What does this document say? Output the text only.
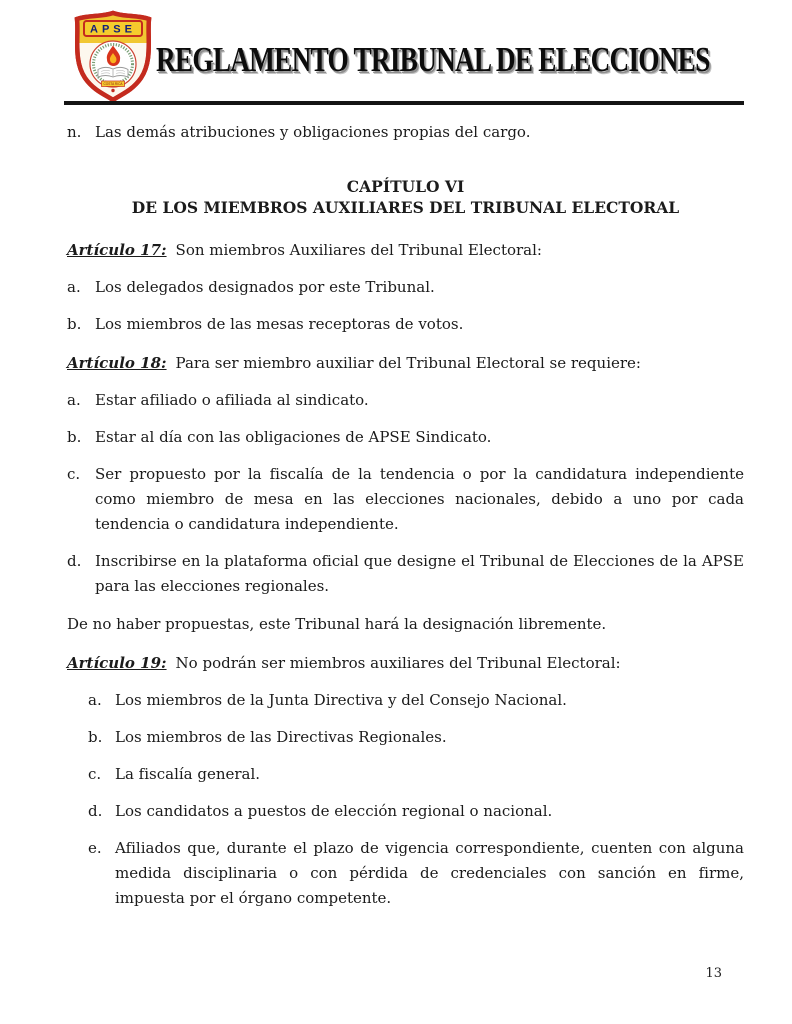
APSE
COSTA RICA
REGLAMENTO TRIBUNAL DE ELECCIONES
n. Las demás atribuciones y obligaciones propias del cargo.
CAPÍTULO VI
DE LOS MIEMBROS AUXILIARES DEL TRIBUNAL ELECTORAL

Artículo 17: Son miembros Auxiliares del Tribunal Electoral:

a. Los delegados designados por este Tribunal.
b. Los miembros de las mesas receptoras de votos.

Artículo 18: Para ser miembro auxiliar del Tribunal Electoral se requiere:

a. Estar afiliado o afiliada al sindicato.
b. Estar al día con las obligaciones de APSE Sindicato.
c. Ser propuesto por la fiscalía de la tendencia o por la candidatura independiente como miembro de mesa en las elecciones nacionales, debido a uno por cada tendencia o candidatura independiente.
d. Inscribirse en la plataforma oficial que designe el Tribunal de Elecciones de la APSE para las elecciones regionales.

De no haber propuestas, este Tribunal hará la designación libremente.

Artículo 19: No podrán ser miembros auxiliares del Tribunal Electoral:

a. Los miembros de la Junta Directiva y del Consejo Nacional.
b. Los miembros de las Directivas Regionales.
c. La fiscalía general.
d. Los candidatos a puestos de elección regional o nacional.
e. Afiliados que, durante el plazo de vigencia correspondiente, cuenten con alguna medida disciplinaria o con pérdida de credenciales con sanción en firme, impuesta por el órgano competente.
13
